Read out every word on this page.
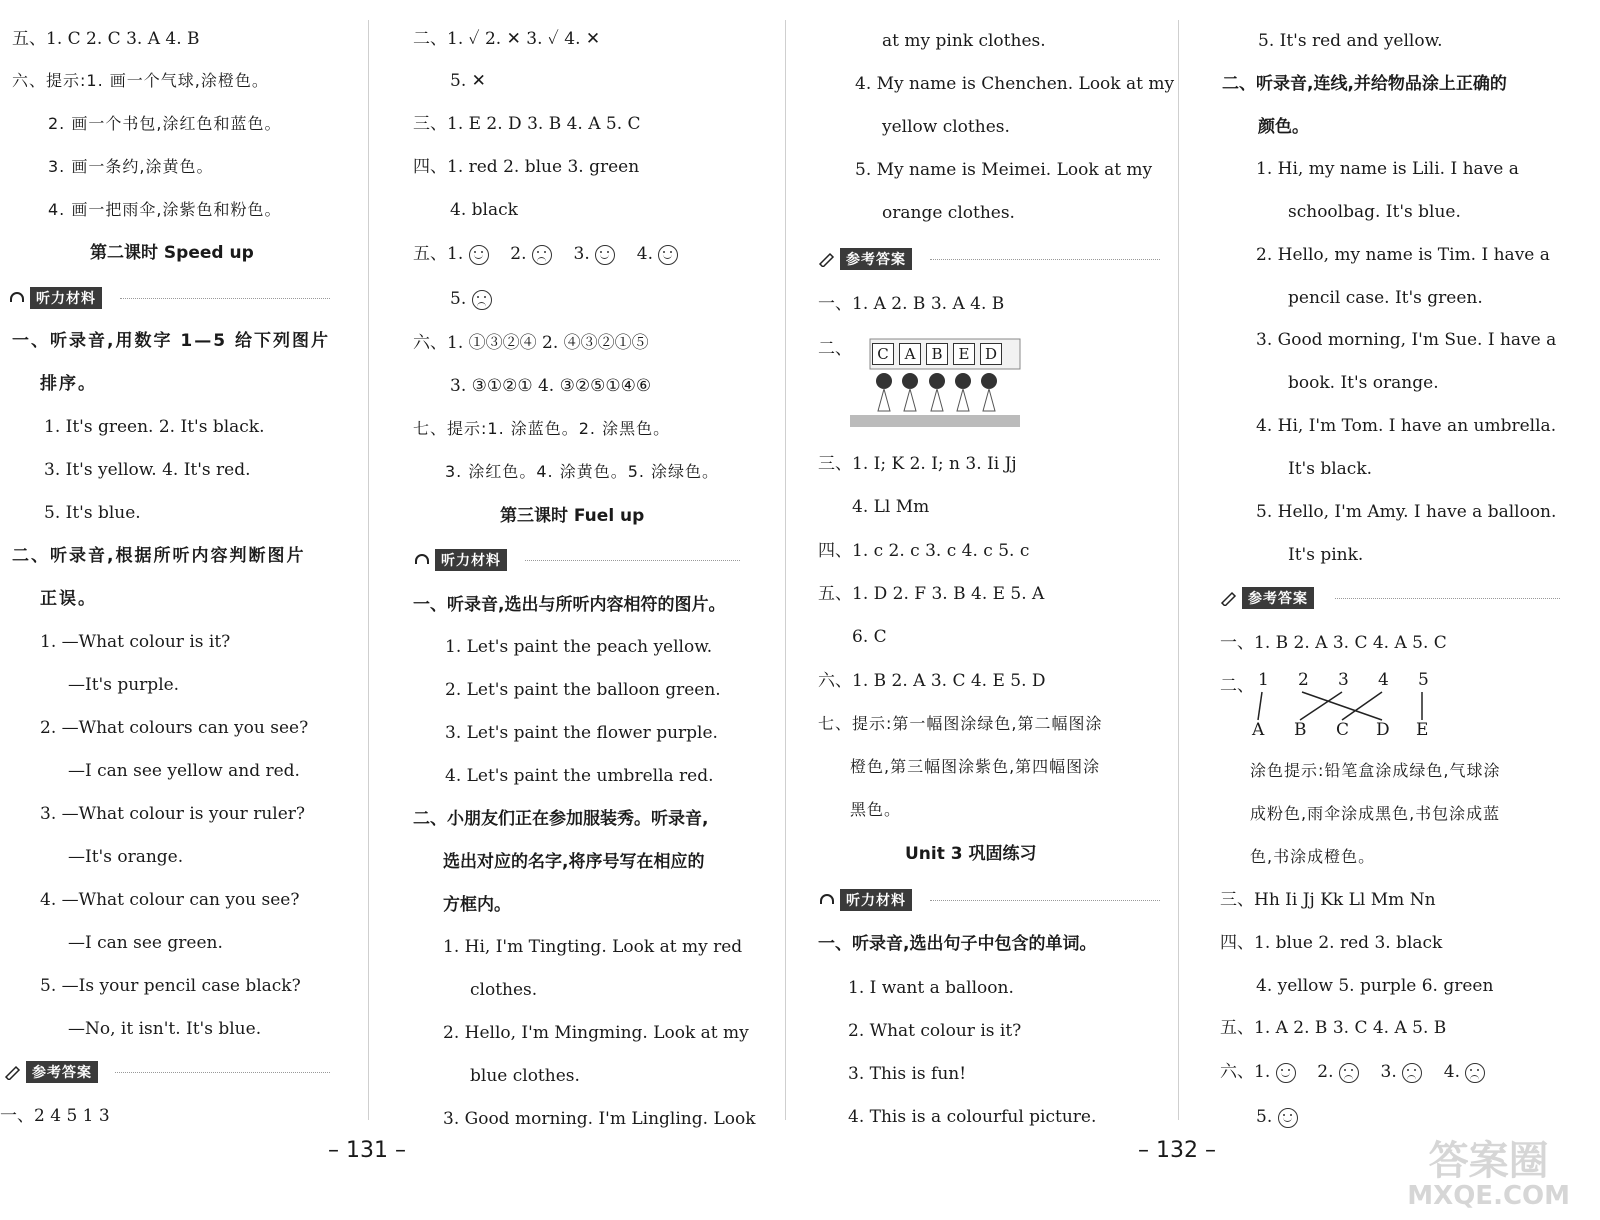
五、1. C 2. C 3. A 4. B
六、提示:1. 画一个气球,涂橙色。
2. 画一个书包,涂红色和蓝色。
3. 画一条约,涂黄色。
4. 画一把雨伞,涂紫色和粉色。
第二课时 Speed up
听力材料
一、听录音,用数字 1—5 给下列图片
排序。
1. It's green. 2. It's black.
3. It's yellow. 4. It's red.
5. It's blue.
二、听录音,根据所听内容判断图片
正误。
1. —What colour is it?
—It's purple.
2. —What colours can you see?
—I can see yellow and red.
3. —What colour is your ruler?
—It's orange.
4. —What colour can you see?
—I can see green.
5. —Is your pencil case black?
—No, it isn't. It's blue.
参考答案
一、2 4 5 1 3
二、1. ✓ 2. ✕ 3. ✓ 4. ✕
5. ✕
三、1. E 2. D 3. B 4. A 5. C
四、1. red 2. blue 3. green
4. black
五、1.	2.	3.	4.
5.
六、1. ①③②④ 2. ④③②①⑤
3. ③①②① 4. ③②⑤①④⑥
七、提示:1. 涂蓝色。2. 涂黑色。
3. 涂红色。4. 涂黄色。5. 涂绿色。
第三课时 Fuel up
听力材料
一、听录音,选出与所听内容相符的图片。
1. Let's paint the peach yellow.
2. Let's paint the balloon green.
3. Let's paint the flower purple.
4. Let's paint the umbrella red.
二、小朋友们正在参加服装秀。听录音,
选出对应的名字,将序号写在相应的
方框内。
1. Hi, I'm Tingting. Look at my red
clothes.
2. Hello, I'm Mingming. Look at my
blue clothes.
3. Good morning. I'm Lingling. Look
– 131 –
at my pink clothes.
4. My name is Chenchen. Look at my
yellow clothes.
5. My name is Meimei. Look at my
orange clothes.
参考答案
一、1. A 2. B 3. A 4. B
二、	C	A	B	E	D
三、1. I; K 2. I; n 3. Ii Jj
4. Ll Mm
四、1. c 2. c 3. c 4. c 5. c
五、1. D 2. F 3. B 4. E 5. A
6. C
六、1. B 2. A 3. C 4. E 5. D
七、提示:第一幅图涂绿色,第二幅图涂
橙色,第三幅图涂紫色,第四幅图涂
黑色。
Unit 3 巩固练习
听力材料
一、听录音,选出句子中包含的单词。
1. I want a balloon.
2. What colour is it?
3. This is fun!
4. This is a colourful picture.
5. It's red and yellow.
二、听录音,连线,并给物品涂上正确的
颜色。
1. Hi, my name is Lili. I have a
schoolbag. It's blue.
2. Hello, my name is Tim. I have a
pencil case. It's green.
3. Good morning, I'm Sue. I have a
book. It's orange.
4. Hi, I'm Tom. I have an umbrella.
It's black.
5. Hello, I'm Amy. I have a balloon.
It's pink.
参考答案
一、1. B 2. A 3. C 4. A 5. C
二、 1 2 3 4 5
A B C D E
涂色提示:铅笔盒涂成绿色,气球涂
成粉色,雨伞涂成黑色,书包涂成蓝
色,书涂成橙色。
三、Hh Ii Jj Kk Ll Mm Nn
四、1. blue 2. red 3. black
4. yellow 5. purple 6. green
五、1. A 2. B 3. C 4. A 5. B
六、1.	2.	3.	4.
5.
– 132 –	答案圈
MXQE.COM
